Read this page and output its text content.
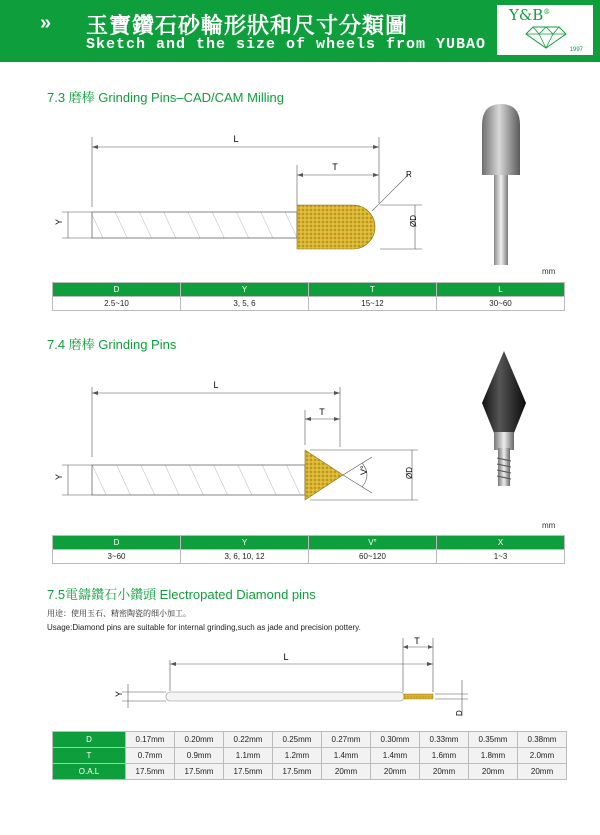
» 玉寶鑽石砂輪形狀和尺寸分類圖
Sketch and the size of wheels from YUBAO
Y&B®
1997
7.3 磨棒 Grinding Pins–CAD/CAM Milling
L
T
R
Y	ØD
mm
D	Y	T	L
2.5~10	3, 5, 6	15~12	30~60
7.4 磨棒 Grinding Pins
L
T
V°
Y	ØD
mm
D	Y	V°	X
3~60	3, 6, 10, 12	60~120	1~3
7.5電鑄鑽石小鑽頭 Electropated Diamond pins
用途：使用玉石、精密陶瓷的细小加工。
Usage:Diamond pins are suitable for internal grinding,such as jade and precision pottery.
T
L
Y
D
D	0.17mm	0.20mm	0.22mm	0.25mm	0.27mm	0.30mm	0.33mm	0.35mm	0.38mm
T	0.7mm	0.9mm	1.1mm	1.2mm	1.4mm	1.4mm	1.6mm	1.8mm	2.0mm
O.A.L	17.5mm	17.5mm	17.5mm	17.5mm	20mm	20mm	20mm	20mm	20mm
